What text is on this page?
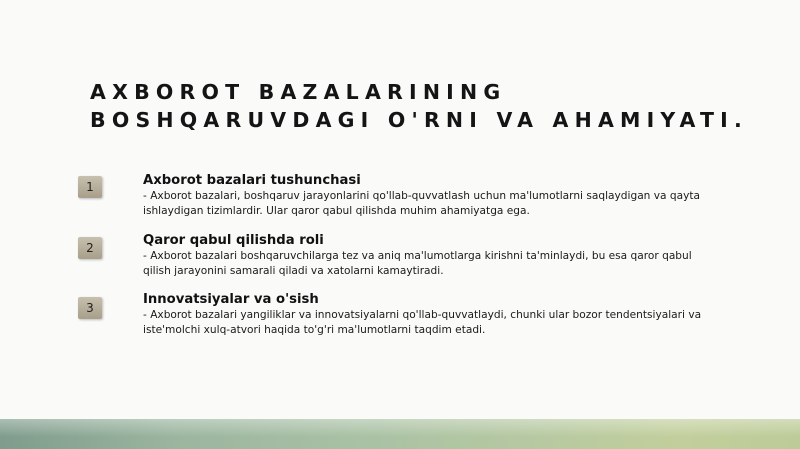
AXBOROT BAZALARINING
BOSHQARUVDAGI O'RNI VA AHAMIYATI.
1	Axborot bazalari tushunchasi
- Axborot bazalari, boshqaruv jarayonlarini qo'llab-quvvatlash uchun ma'lumotlarni saqlaydigan va qayta
ishlaydigan tizimlardir. Ular qaror qabul qilishda muhim ahamiyatga ega.
2	Qaror qabul qilishda roli
- Axborot bazalari boshqaruvchilarga tez va aniq ma'lumotlarga kirishni ta'minlaydi, bu esa qaror qabul
qilish jarayonini samarali qiladi va xatolarni kamaytiradi.
3
Innovatsiyalar va o'sish
- Axborot bazalari yangiliklar va innovatsiyalarni qo'llab-quvvatlaydi, chunki ular bozor tendentsiyalari va
iste'molchi xulq-atvori haqida to'g'ri ma'lumotlarni taqdim etadi.
